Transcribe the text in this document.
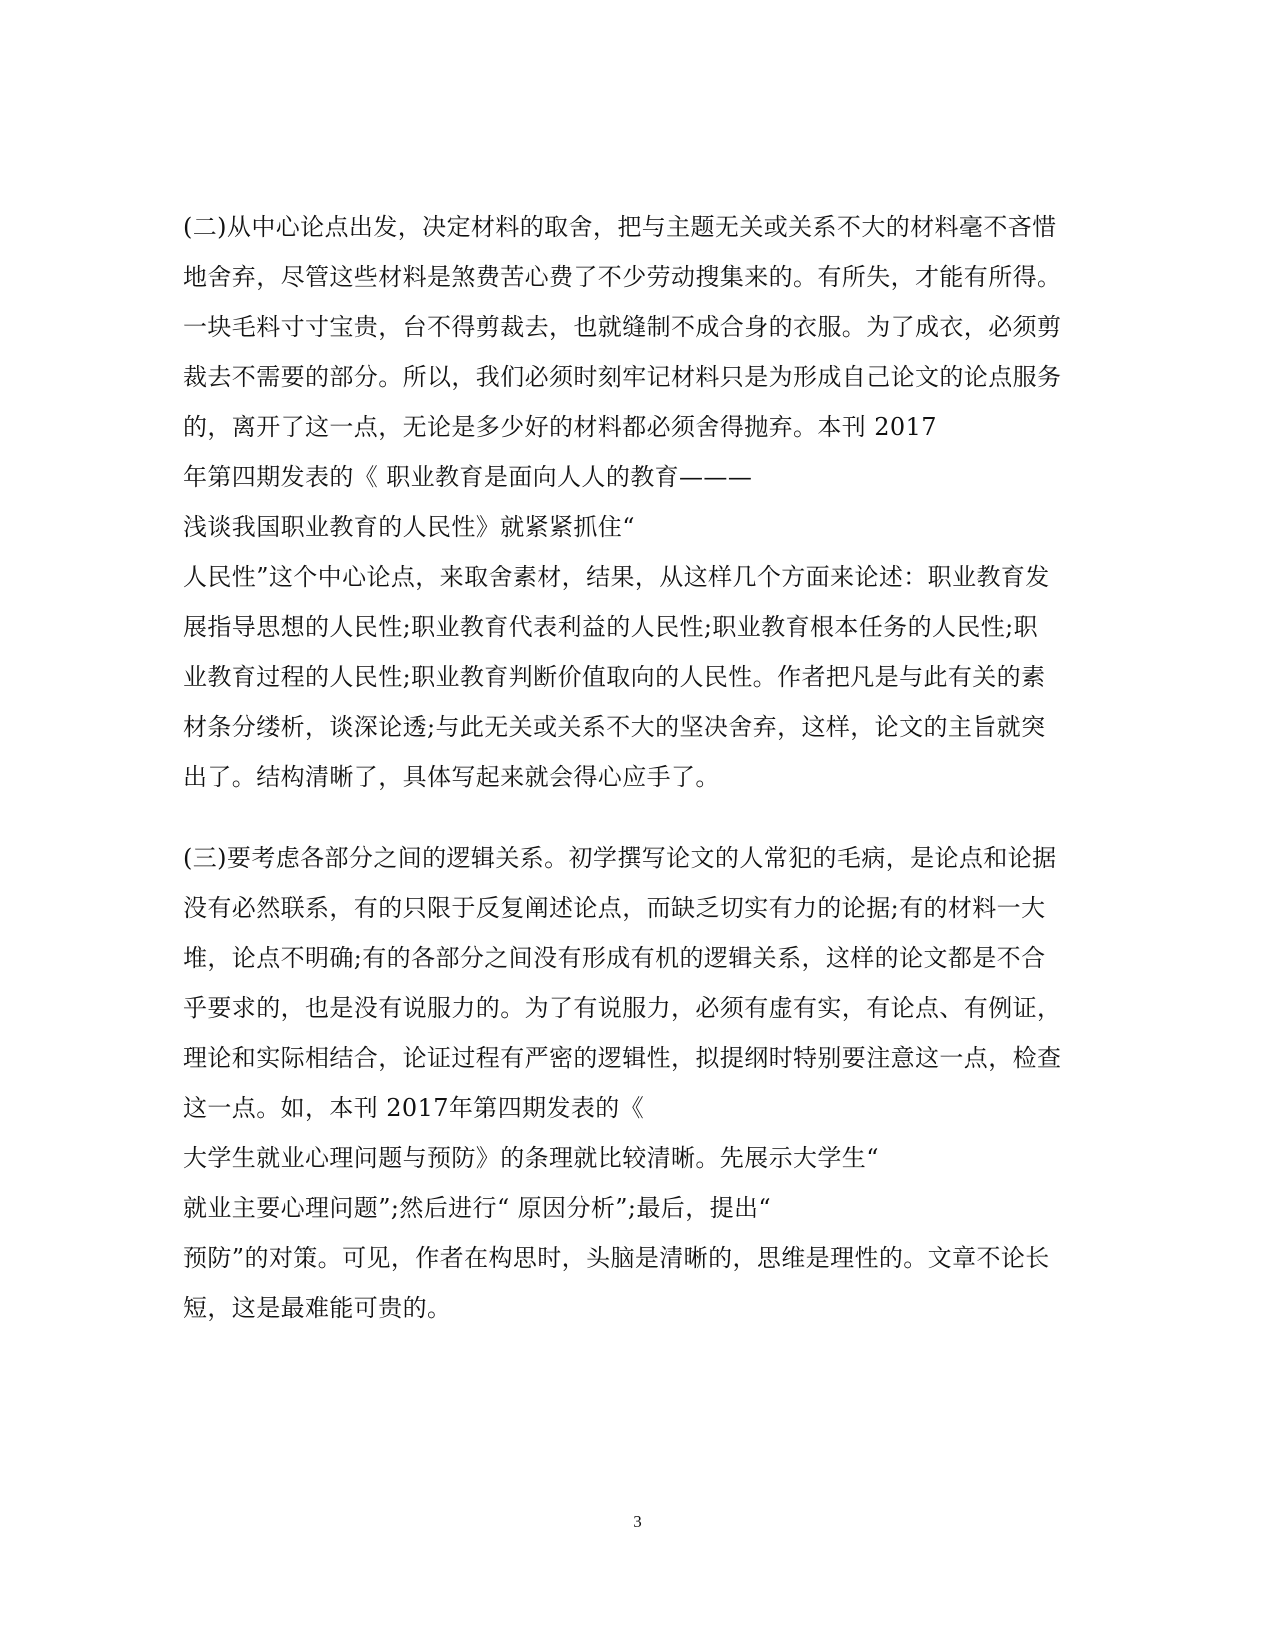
(二)从中心论点出发，决定材料的取舍，把与主题无关或关系不大的材料毫不吝惜
地舍弃，尽管这些材料是煞费苦心费了不少劳动搜集来的。有所失，才能有所得。
一块毛料寸寸宝贵，台不得剪裁去，也就缝制不成合身的衣服。为了成衣，必须剪
裁去不需要的部分。所以，我们必须时刻牢记材料只是为形成自己论文的论点服务
的，离开了这一点，无论是多少好的材料都必须舍得抛弃。本刊 2017
年第四期发表的《 职业教育是面向人人的教育———
浅谈我国职业教育的人民性》就紧紧抓住“
人民性”这个中心论点，来取舍素材，结果，从这样几个方面来论述：职业教育发
展指导思想的人民性;职业教育代表利益的人民性;职业教育根本任务的人民性;职
业教育过程的人民性;职业教育判断价值取向的人民性。作者把凡是与此有关的素
材条分缕析，谈深论透;与此无关或关系不大的坚决舍弃，这样，论文的主旨就突
出了。结构清晰了，具体写起来就会得心应手了。
(三)要考虑各部分之间的逻辑关系。初学撰写论文的人常犯的毛病，是论点和论据
没有必然联系，有的只限于反复阐述论点，而缺乏切实有力的论据;有的材料一大
堆，论点不明确;有的各部分之间没有形成有机的逻辑关系，这样的论文都是不合
乎要求的，也是没有说服力的。为了有说服力，必须有虚有实，有论点、有例证，
理论和实际相结合，论证过程有严密的逻辑性，拟提纲时特别要注意这一点，检查
这一点。如，本刊 2017年第四期发表的《
大学生就业心理问题与预防》的条理就比较清晰。先展示大学生“
就业主要心理问题”;然后进行“ 原因分析”;最后，提出“
预防”的对策。可见，作者在构思时，头脑是清晰的，思维是理性的。文章不论长
短，这是最难能可贵的。
3
